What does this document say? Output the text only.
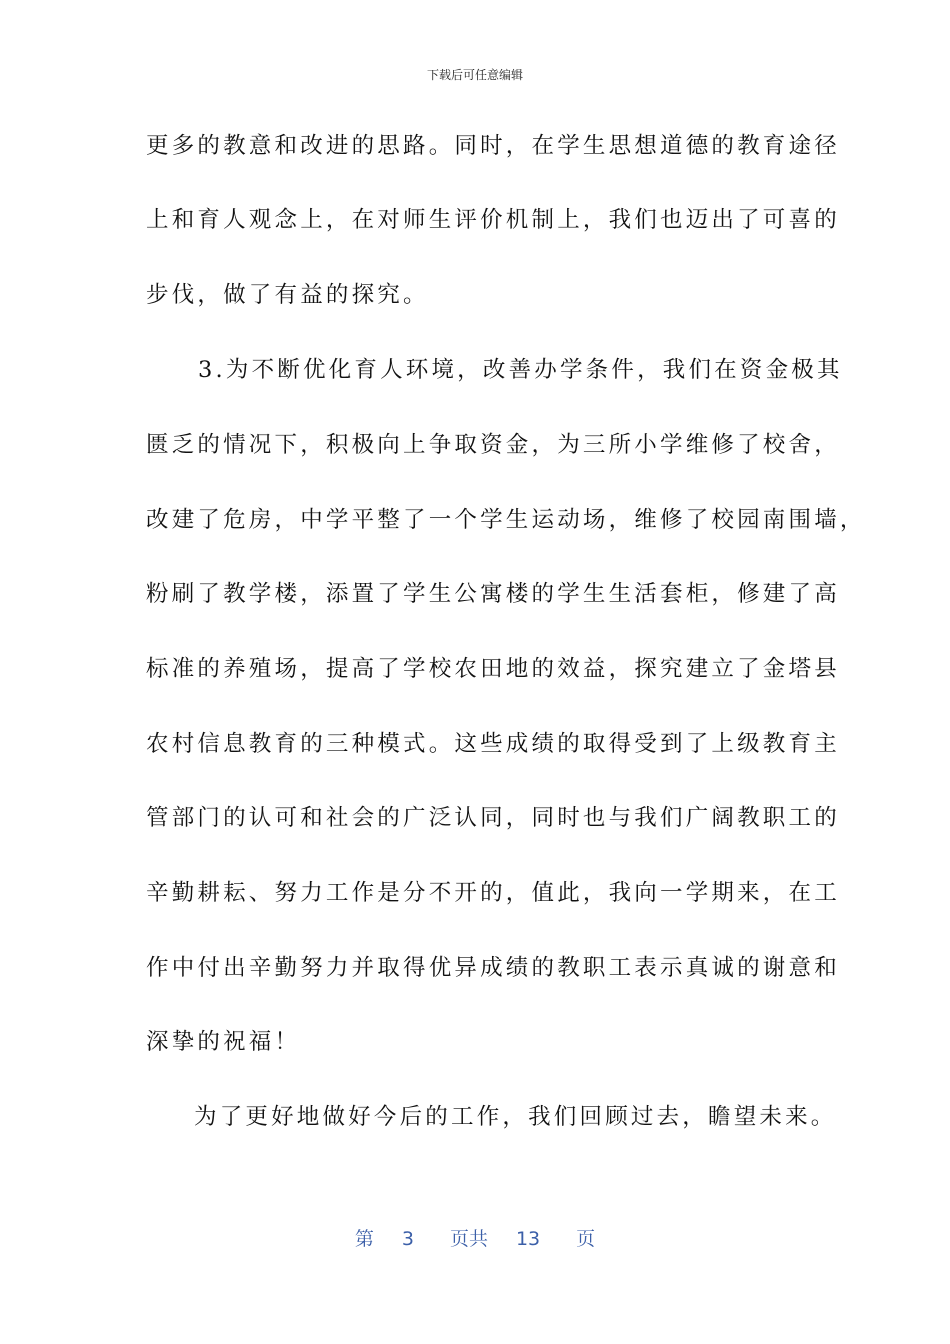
下载后可任意编辑
更多的教意和改进的思路。同时，在学生思想道德的教育途径
上和育人观念上，在对师生评价机制上，我们也迈出了可喜的
步伐，做了有益的探究。
3.为不断优化育人环境，改善办学条件，我们在资金极其
匮乏的情况下，积极向上争取资金，为三所小学维修了校舍，
改建了危房，中学平整了一个学生运动场，维修了校园南围墙，
粉刷了教学楼，添置了学生公寓楼的学生生活套柜，修建了高
标准的养殖场，提高了学校农田地的效益，探究建立了金塔县
农村信息教育的三种模式。这些成绩的取得受到了上级教育主
管部门的认可和社会的广泛认同，同时也与我们广阔教职工的
辛勤耕耘、努力工作是分不开的，值此，我向一学期来，在工
作中付出辛勤努力并取得优异成绩的教职工表示真诚的谢意和
深挚的祝福！
为了更好地做好今后的工作，我们回顾过去，瞻望未来。
第 3 页共 13 页
